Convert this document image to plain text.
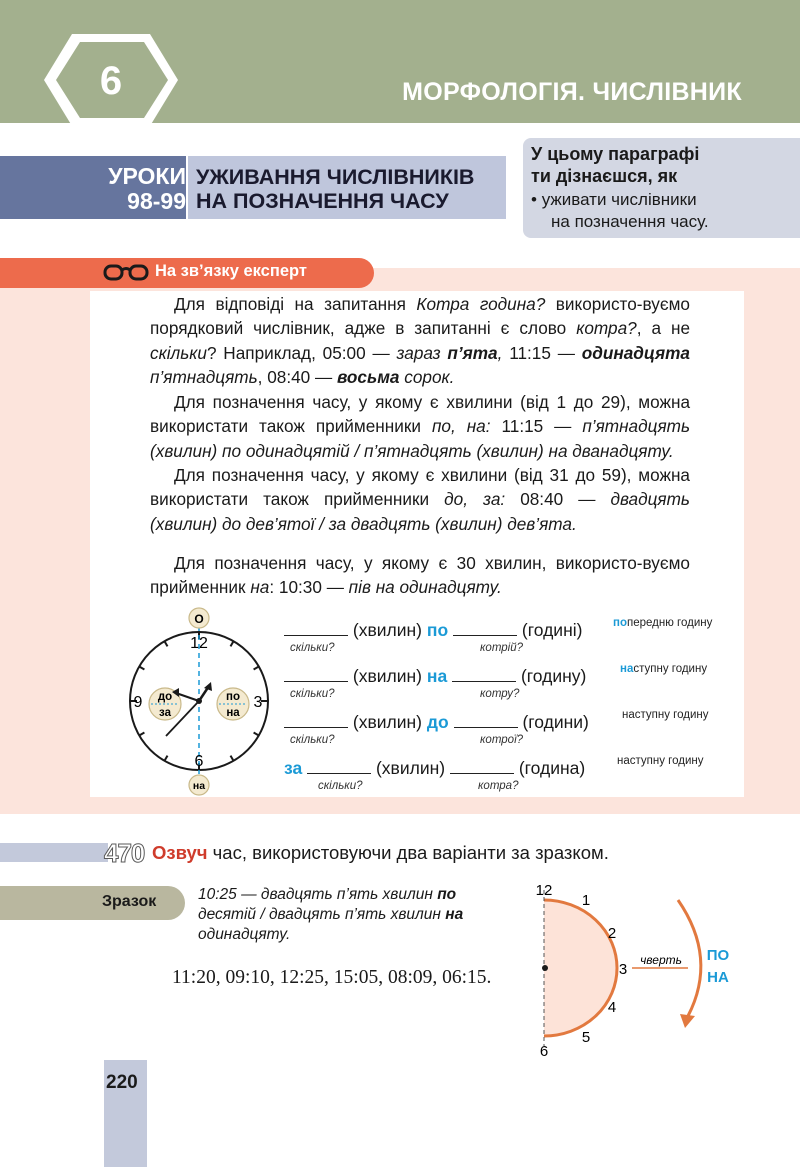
6	МОРФОЛОГІЯ. ЧИСЛІВНИК
УРОКИ
98-99
УЖИВАННЯ ЧИСЛІВНИКІВ
НА ПОЗНАЧЕННЯ ЧАСУ
У цьому параграфі
ти дізнаєшся, як
• уживати числівники
на позначення часу.
На зв’язку експерт
Для відповіді на запитання Котра година? використо-вуємо порядковий числівник, адже в запитанні є слово котра?, а не скільки? Наприклад, 05:00 — зараз п’ята, 11:15 — одинадцята п’ятнадцять, 08:40 — восьма сорок.
Для позначення часу, у якому є хвилини (від 1 до 29), можна використати також прийменники по, на: 11:15 — п’ятнадцять (хвилин) по одинадцятій / п’ятнадцять (хвилин) на дванадцяту.
Для позначення часу, у якому є хвилини (від 31 до 59), можна використати також прийменники до, за: 08:40 — двадцять (хвилин) до дев’ятої / за двадцять (хвилин) дев’ята.
Для позначення часу, у якому є 30 хвилин, використо-вуємо прийменник на: 10:30 — пів на одинадцяту.
12
3
6
9
О
на
до
за
по
на
(хвилин) по	(годині)
скільки?	котрій?
попередню годину
(хвилин) на	(годину)
скільки?	котру?
наступну годину
(хвилин) до	(години)
скільки?	котрої?
наступну годину
за	(хвилин)	(година)
скільки?	котра?
наступну годину
470 Озвуч час, використовуючи два варіанти за зразком.
Зразок	10:25 — двадцять п’ять хвилин по десятій / двадцять п’ять хвилин на одинадцяту.
11:20, 09:10, 12:25, 15:05, 08:09, 06:15.
12
1
2
3
4
5
6
чверть ПО
НА
220
